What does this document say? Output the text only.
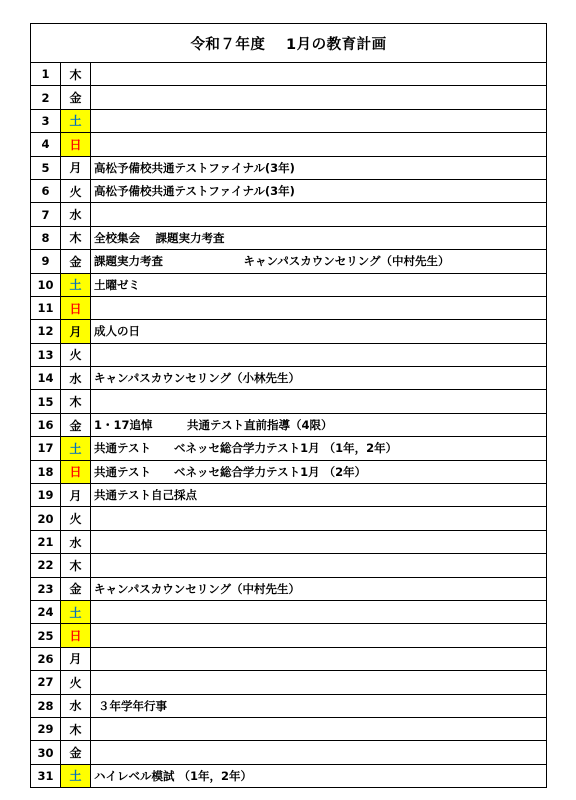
令和７年度　 1月の教育計画		
1	木	
2	金	
3	土	
4	日	
5	月	高松予備校共通テストファイナル(3年)
6	火	高松予備校共通テストファイナル(3年)
7	水	
8	木	全校集会　 課題実力考査
9	金	課題実力考査　　　　　　　キャンパスカウンセリング（中村先生）
10	土	土曜ゼミ
11	日	
12	月	成人の日
13	火	
14	水	キャンパスカウンセリング（小林先生）
15	木	
16	金	1・17追悼　　　共通テスト直前指導（4限）
17	土	共通テスト　　ベネッセ総合学力テスト1月 （1年，2年）
18	日	共通テスト　　ベネッセ総合学力テスト1月 （2年）
19	月	共通テスト自己採点
20	火	
21	水	
22	木	
23	金	キャンパスカウンセリング（中村先生）
24	土	
25	日	
26	月	
27	火	
28	水	３年学年行事
29	木	
30	金	
31	土	ハイレベル模試 （1年，2年）
